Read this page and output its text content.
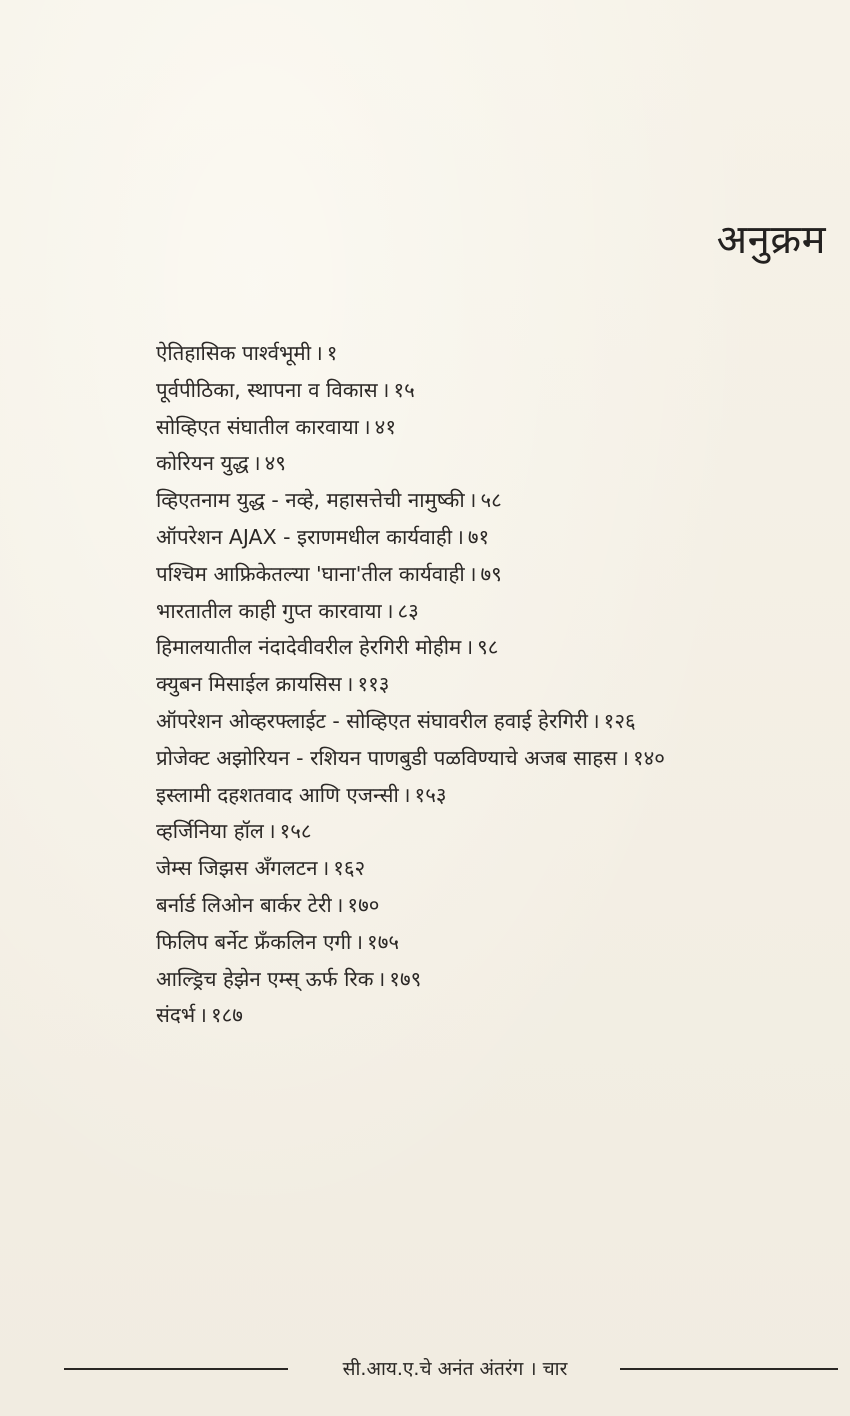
अनुक्रम
ऐतिहासिक पार्श्वभूमी । १
पूर्वपीठिका, स्थापना व विकास । १५
सोव्हिएत संघातील कारवाया । ४१
कोरियन युद्ध । ४९
व्हिएतनाम युद्ध - नव्हे, महासत्तेची नामुष्की । ५८
ऑपरेशन AJAX - इराणमधील कार्यवाही । ७१
पश्चिम आफ्रिकेतल्या 'घाना'तील कार्यवाही । ७९
भारतातील काही गुप्त कारवाया । ८३
हिमालयातील नंदादेवीवरील हेरगिरी मोहीम । ९८
क्युबन मिसाईल क्रायसिस । ११३
ऑपरेशन ओव्हरफ्लाईट - सोव्हिएत संघावरील हवाई हेरगिरी । १२६
प्रोजेक्ट अझोरियन - रशियन पाणबुडी पळविण्याचे अजब साहस । १४०
इस्लामी दहशतवाद आणि एजन्सी । १५३
व्हर्जिनिया हॉल । १५८
जेम्स जिझस अँगलटन । १६२
बर्नार्ड लिओन बार्कर टेरी । १७०
फिलिप बर्नेट फ्रँकलिन एगी । १७५
आल्ड्रिच हेझेन एम्स् ऊर्फ रिक । १७९
संदर्भ । १८७
सी.आय.ए.चे अनंत अंतरंग । चार
